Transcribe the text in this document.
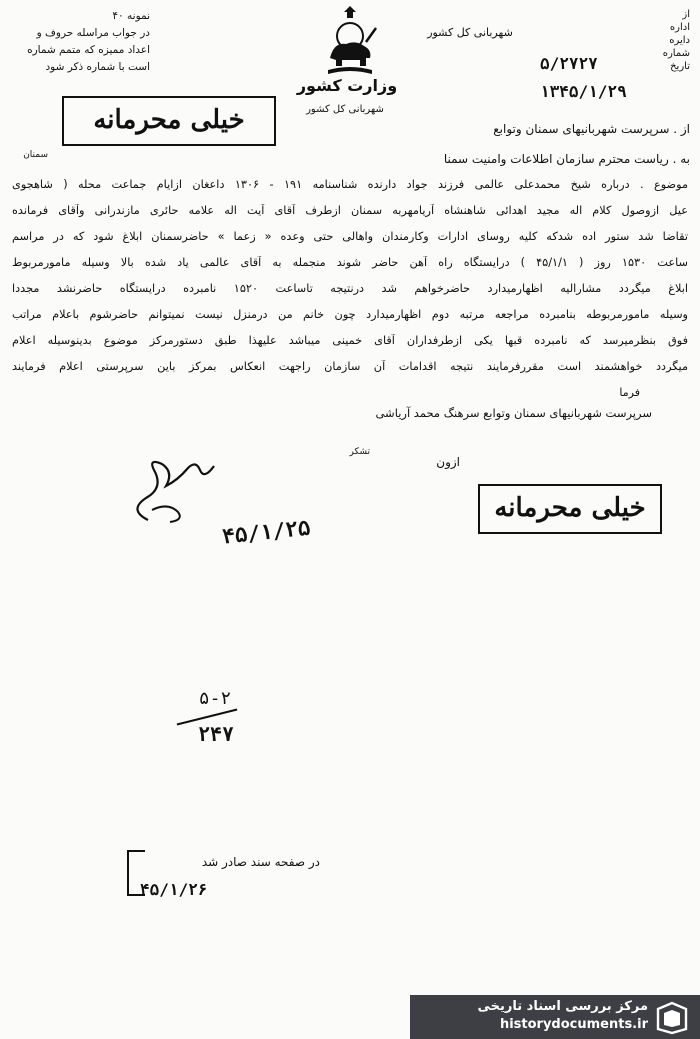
نمونه ۴۰
در جواب مراسله حروف و
اعداد ممیزه که متمم شماره
است با شماره ذکر شود
وزارت کشور
شهربانی کل کشور
شهربانی کل کشور
از
اداره
دایره
شماره
تاریخ
۵/۲۷۲۷
۱۳۴۵/۱/۲۹
خیلی محرمانه	از . سرپرست شهربانیهای سمنان وتوابع
به . ریاست محترم سازمان اطلاعات وامنیت سمنا
سمنان
موضوع . درباره شیخ محمدعلی عالمی فرزند جواد دارنده شناسنامه ۱۹۱ - ۱۳۰۶ داعغان ازایام جماعت محله ( شاهجوی
عیل ازوصول کلام اله مجید اهدائی شاهنشاه آریامهربه سمنان ازطرف آقای آیت اله علامه حائری مازندرانی وآقای فرمانده
تقاضا شد ستور اده شدکه کلیه روسای ادارات وکارمندان واهالی حتی وعده « زعما » حاضرسمنان ابلاغ شود که در مراسم
ساعت ۱۵۳۰ روز ( ۴۵/۱/۱ ) درایستگاه راه آهن حاضر شوند منجمله به آقای عالمی یاد شده بالا وسیله مامورمربوط
ابلاغ میگردد مشارالیه اظهارمیدارد حاضرخواهم شد درنتیجه تاساعت ۱۵۲۰ نامبرده درایستگاه حاضرنشد مجددا
وسیله مامورمربوطه بنامبرده مراجعه مرتبه دوم اظهارمیدارد چون خانم من درمنزل نیست نمیتوانم حاضرشوم باعلام مراتب
فوق بنظرمیرسد که نامبرده قبها یکی ازطرفداران آقای خمینی میباشد علیهذا طبق دستورمرکز موضوع بدینوسیله اعلام
میگردد خواهشمند است مقررفرمایند نتیجه اقدامات آن سازمان راجهت انعکاس بمرکز باین سرپرستی اعلام فرمایند
فرما
سرپرست شهربانیهای سمنان وتوابع سرهنگ محمد آریاشی
ازون
تشکر
خیلی محرمانه
۴۵/۱/۲۵
۵-۲
۲۴۷
در صفحه سند صادر شد
۴۵/۱/۲۶
مرکز بررسی اسناد تاریخی
historydocuments.ir
